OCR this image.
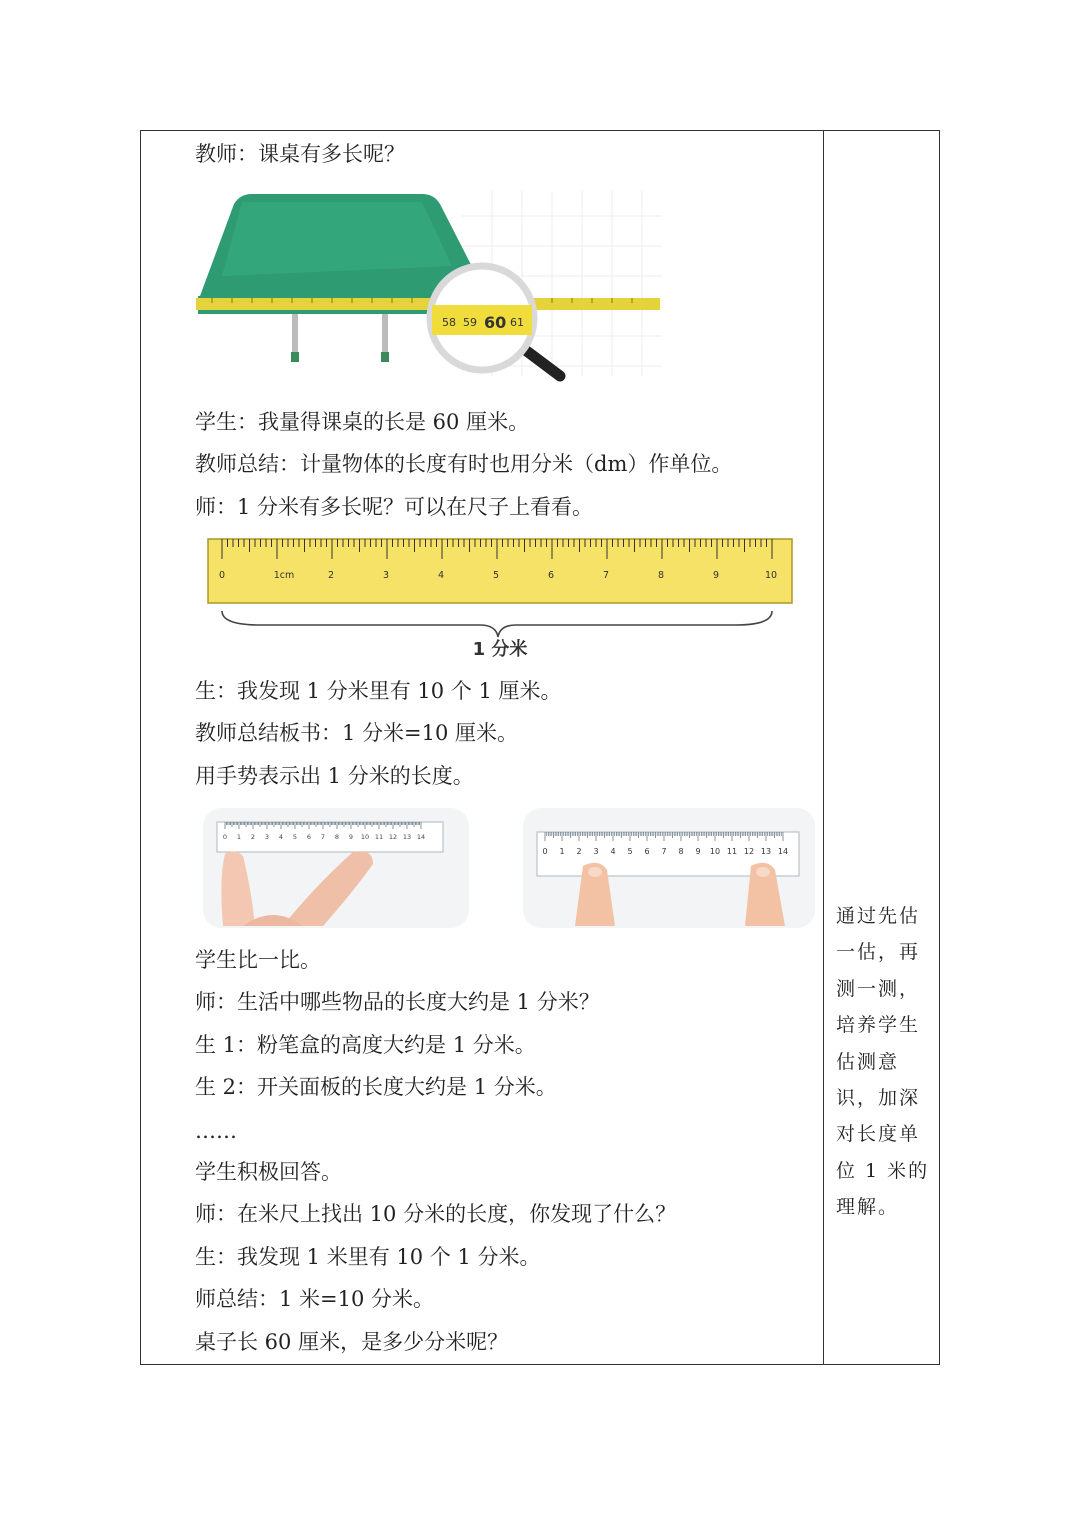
教师：课桌有多长呢？
学生：我量得课桌的长是 60 厘米。
教师总结：计量物体的长度有时也用分米（dm）作单位。
师：1 分米有多长呢？可以在尺子上看看。
生：我发现 1 分米里有 10 个 1 厘米。
教师总结板书：1 分米=10 厘米。
用手势表示出 1 分米的长度。
学生比一比。
师：生活中哪些物品的长度大约是 1 分米？
生 1：粉笔盒的高度大约是 1 分米。
生 2：开关面板的长度大约是 1 分米。
……
学生积极回答。
师：在米尺上找出 10 分米的长度，你发现了什么？
生：我发现 1 米里有 10 个 1 分米。
师总结：1 米=10 分米。
桌子长 60 厘米，是多少分米呢？
通过先估
一估，再
测一测，
培养学生
估测意
识，加深
对长度单
位 1 米的
理解。
58 59 60 61
0	1cm	2	3	4	5	6	7	8	9	10
1 分米
0 1 2 3 4 5 6 7 8 9 10 11 12 13 14
0 1 2 3 4 5 6 7 8 9 10 11 12 13 14
